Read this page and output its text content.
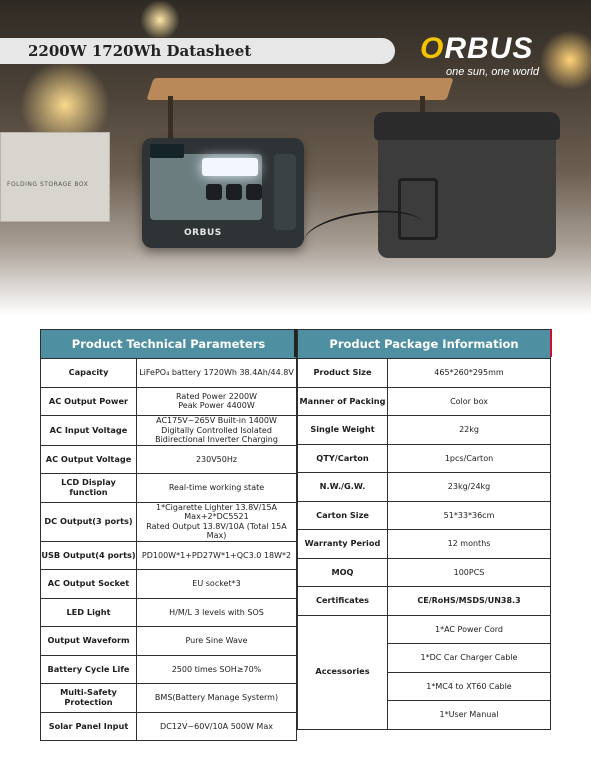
FOLDING STORAGE BOX
ORBUS
2200W 1720Wh Datasheet	ORBUS
one sun, one world
Product Technical Parameters	
Capacity	LiFePO₄ battery 1720Wh 38.4Ah/44.8V
AC Output Power	Rated Power 2200W
Peak Power 4400W
AC Input Voltage	AC175V~265V Built-in 1400W
Digitally Controlled Isolated
Bidirectional Inverter Charging
AC Output Voltage	230V50Hz
LCD Display function	Real-time working state
DC Output(3 ports)	1*Cigarette Lighter 13.8V/15A
Max+2*DC5521
Rated Output 13.8V/10A (Total 15A Max)
USB Output(4 ports)	PD100W*1+PD27W*1+QC3.0 18W*2
AC Output Socket	EU socket*3
LED Light	H/M/L 3 levels with SOS
Output Waveform	Pure Sine Wave
Battery Cycle Life	2500 times SOH≥70%
Multi-Safety Protection	BMS(Battery Manage Systerm)
Solar Panel Input	DC12V~60V/10A 500W Max
Product Package Information	
Product Size	465*260*295mm
Manner of Packing	Color box
Single Weight	22kg
QTY/Carton	1pcs/Carton
N.W./G.W.	23kg/24kg
Carton Size	51*33*36cm
Warranty Period	12 months
MOQ	100PCS
Certificates	CE/RoHS/MSDS/UN38.3
Accessories	1*AC Power Cord
	1*DC Car Charger Cable
	1*MC4 to XT60 Cable
	1*User Manual
